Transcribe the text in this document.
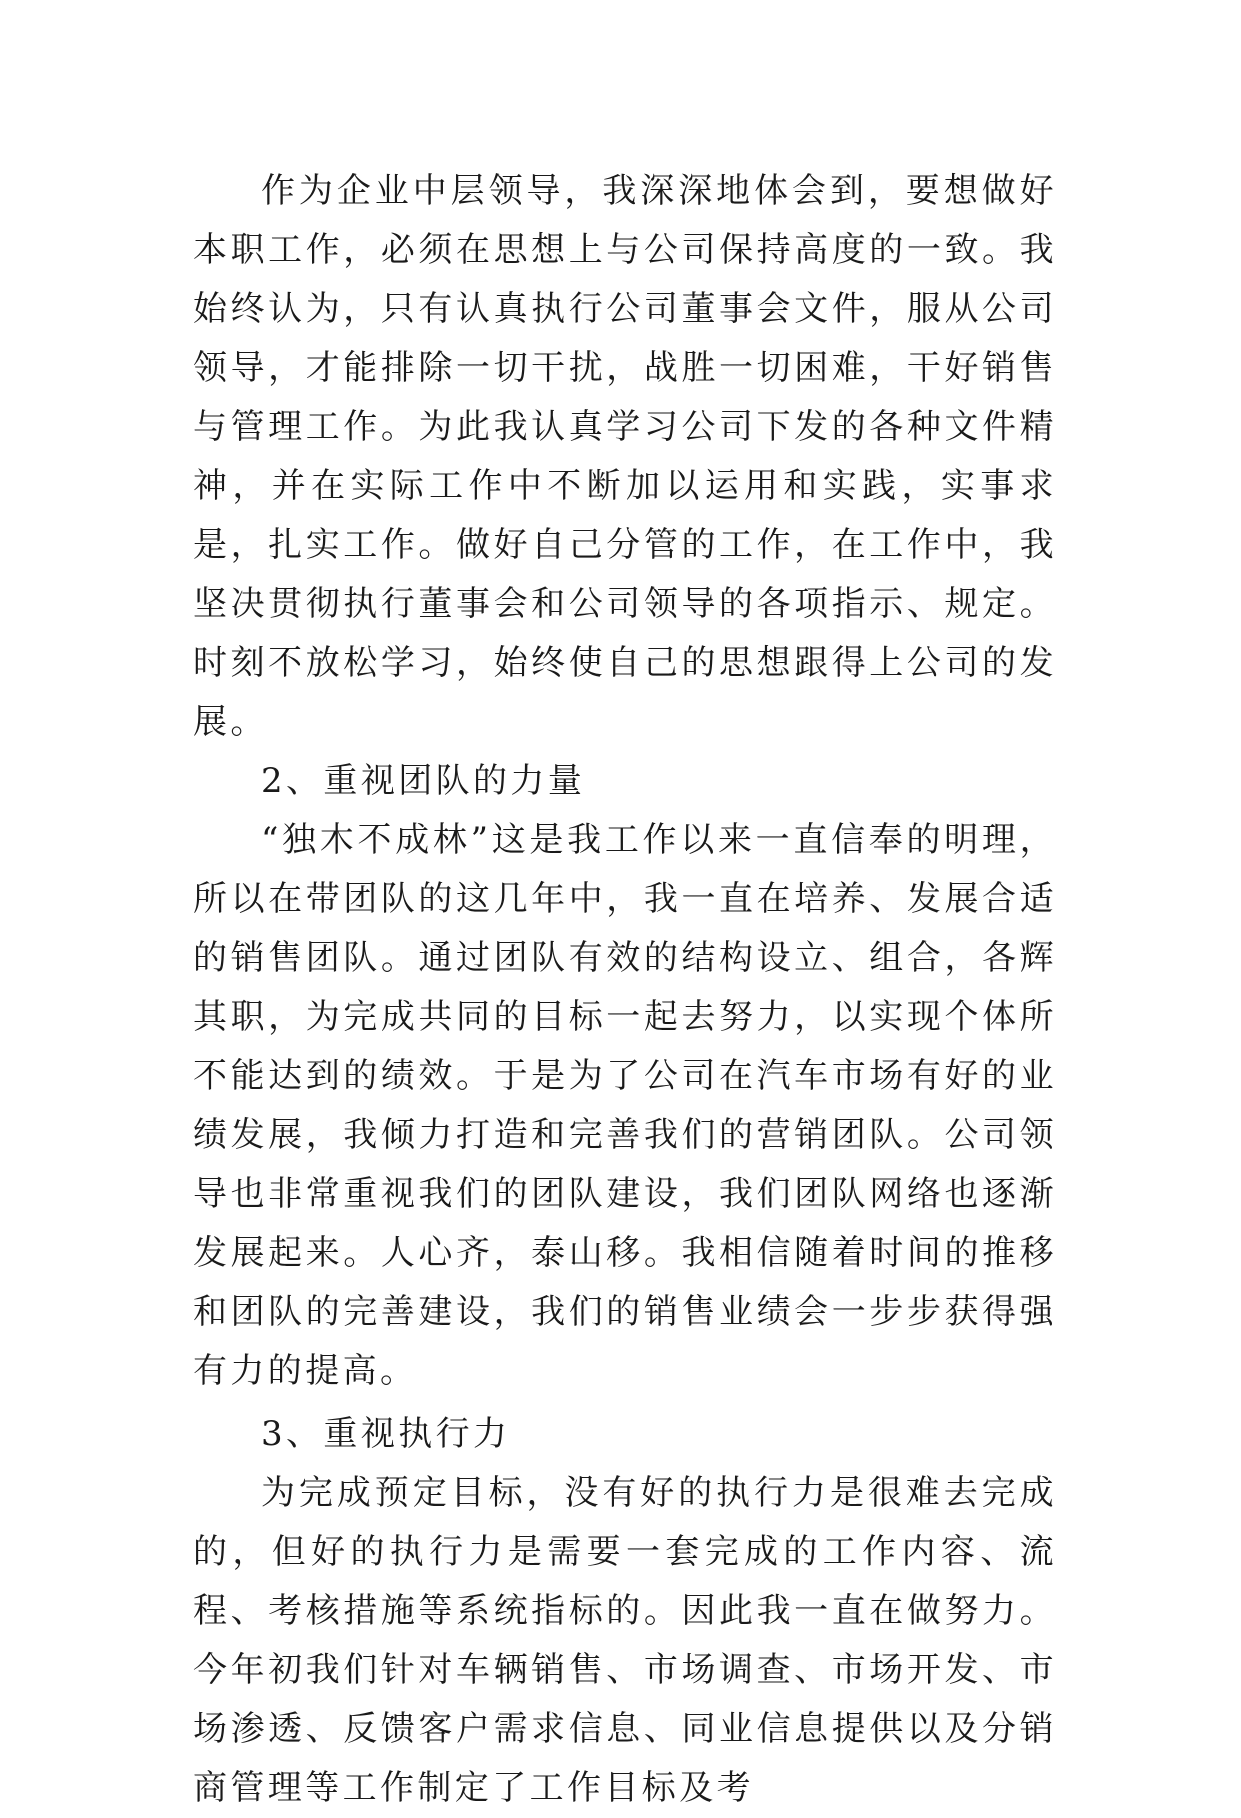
作为企业中层领导，我深深地体会到，要想做好本职工作，必须在思想上与公司保持高度的一致。我始终认为，只有认真执行公司董事会文件，服从公司领导，才能排除一切干扰，战胜一切困难，干好销售与管理工作。为此我认真学习公司下发的各种文件精神，并在实际工作中不断加以运用和实践，实事求是，扎实工作。做好自己分管的工作，在工作中，我坚决贯彻执行董事会和公司领导的各项指示、规定。时刻不放松学习，始终使自己的思想跟得上公司的发展。

2、重视团队的力量

“独木不成林”这是我工作以来一直信奉的明理，所以在带团队的这几年中，我一直在培养、发展合适的销售团队。通过团队有效的结构设立、组合，各辉其职，为完成共同的目标一起去努力，以实现个体所不能达到的绩效。于是为了公司在汽车市场有好的业绩发展，我倾力打造和完善我们的营销团队。公司领导也非常重视我们的团队建设，我们团队网络也逐渐发展起来。人心齐，泰山移。我相信随着时间的推移和团队的完善建设，我们的销售业绩会一步步获得强有力的提高。

3、重视执行力

为完成预定目标，没有好的执行力是很难去完成的，但好的执行力是需要一套完成的工作内容、流程、考核措施等系统指标的。因此我一直在做努力。今年初我们针对车辆销售、市场调查、市场开发、市场渗透、反馈客户需求信息、同业信息提供以及分销商管理等工作制定了工作目标及考
